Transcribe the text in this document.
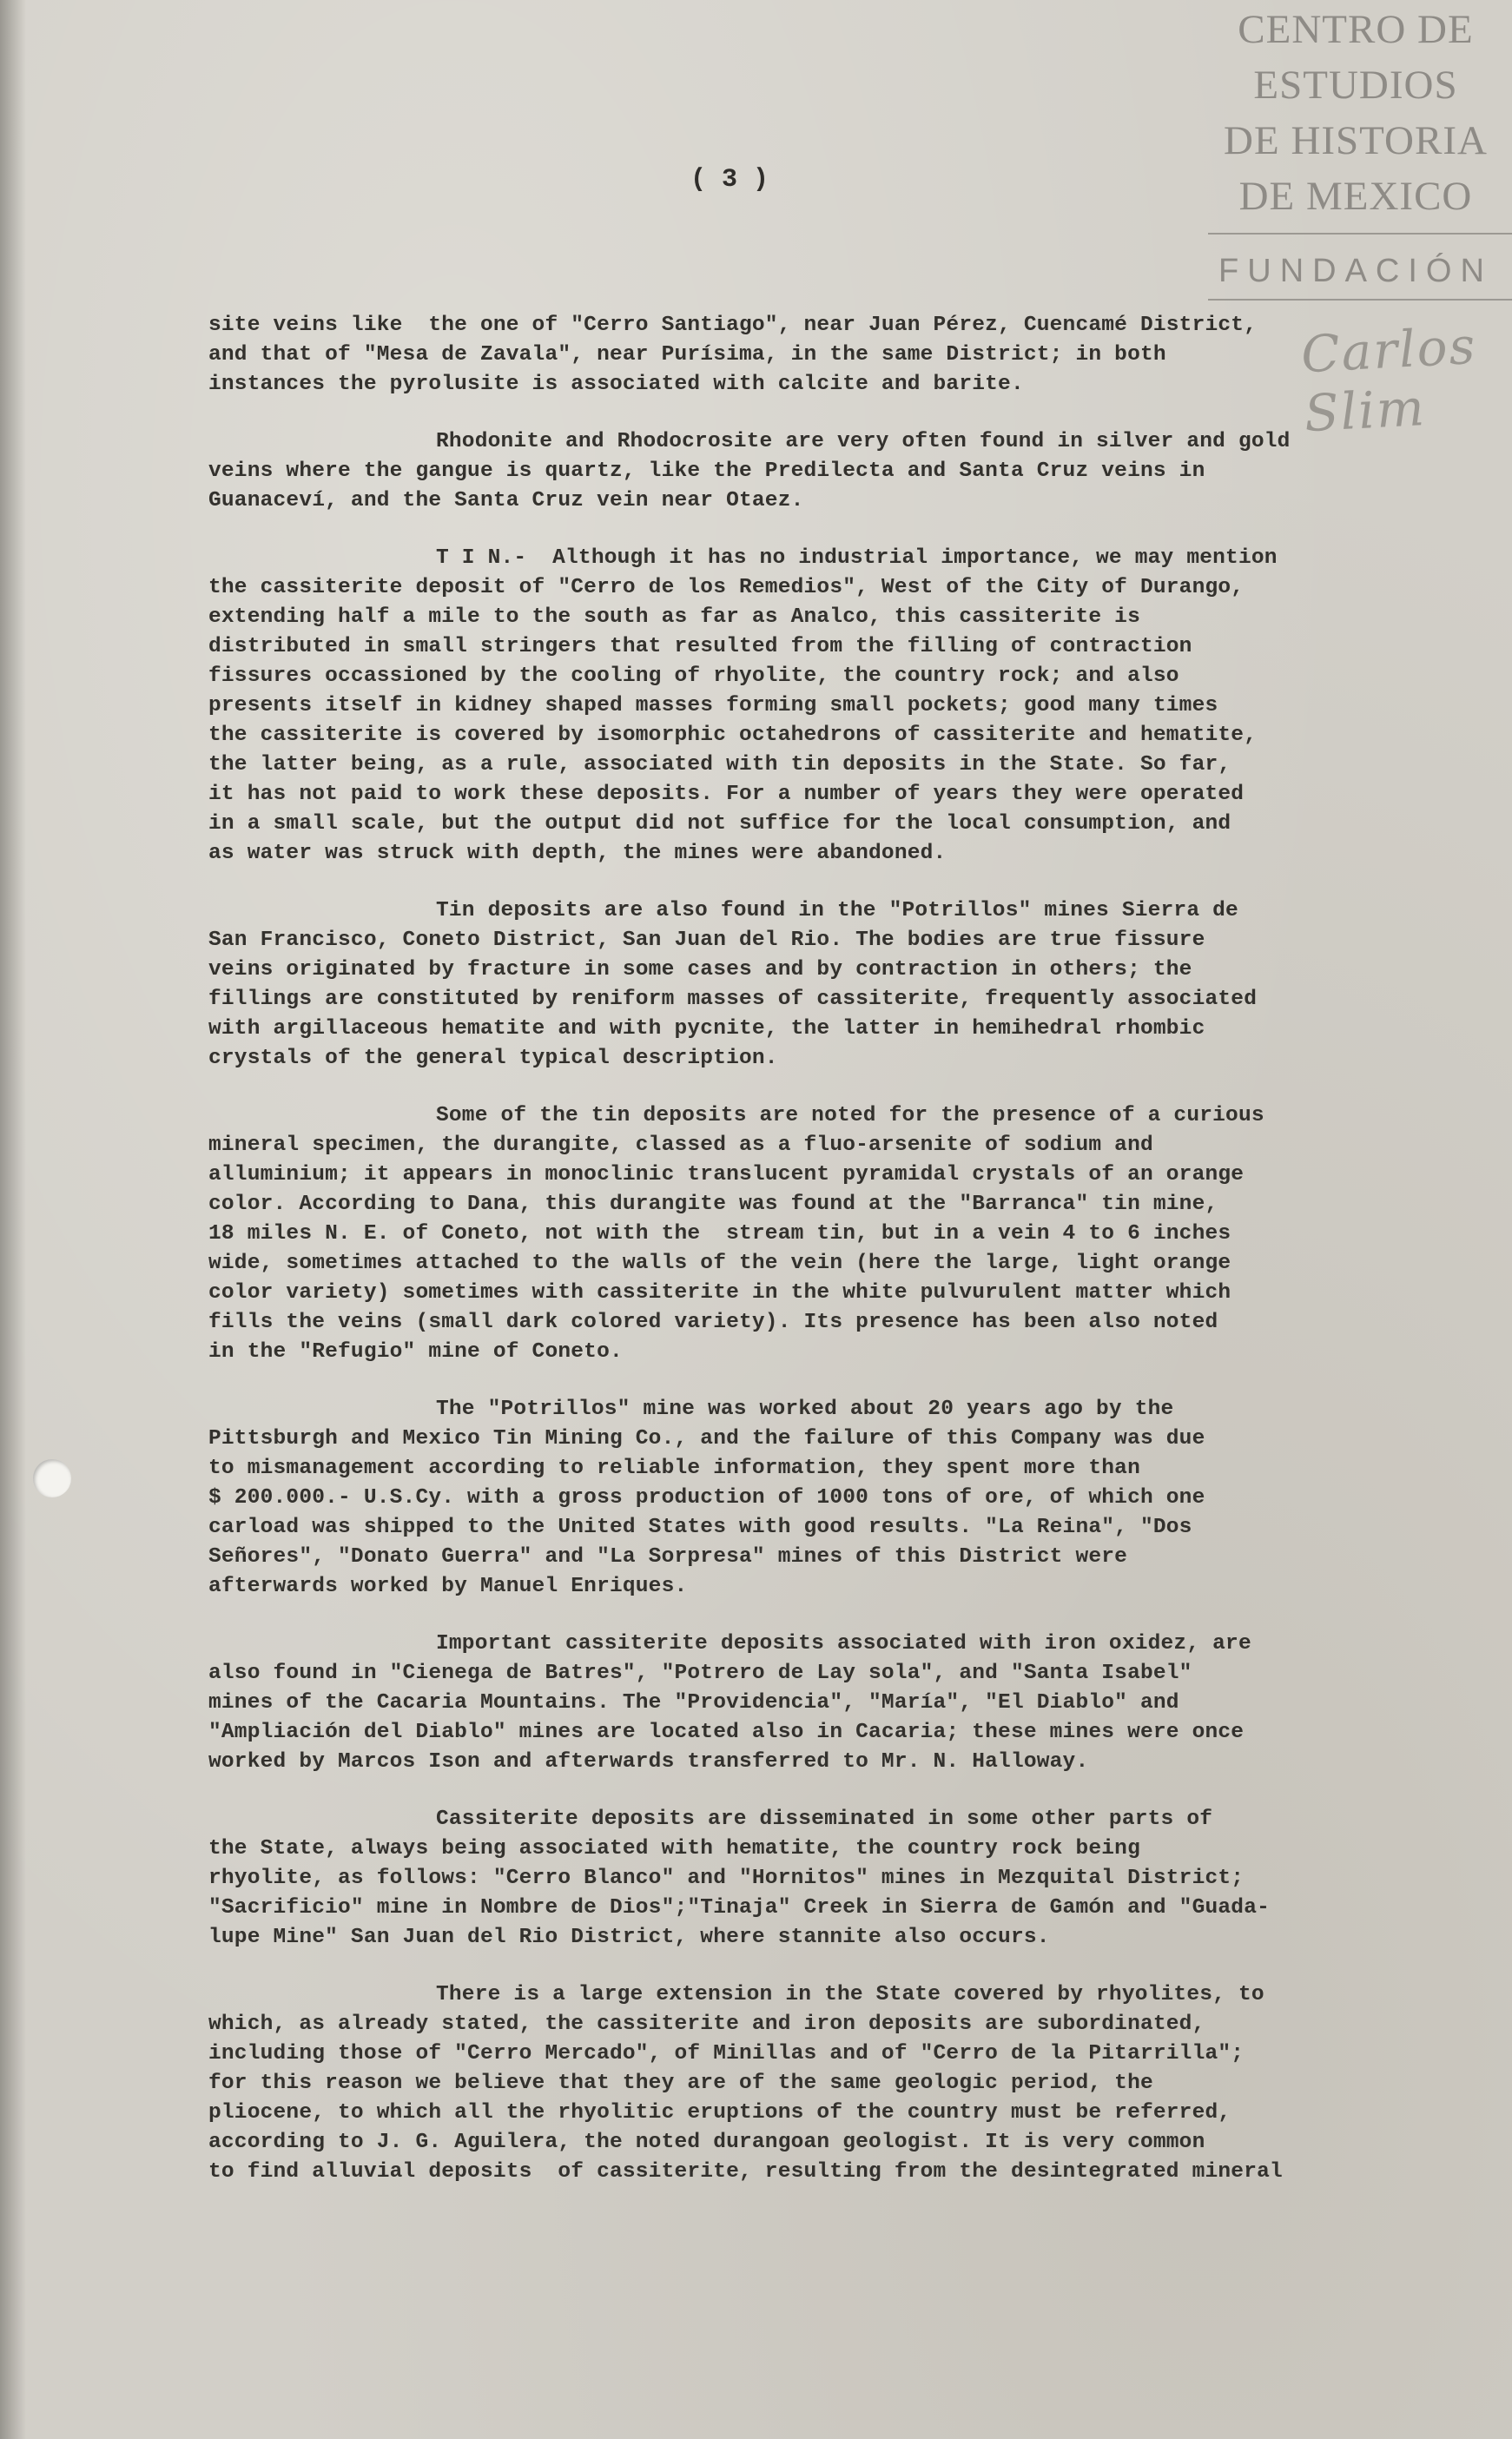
CENTRO DE
ESTUDIOS
DE HISTORIA
DE MEXICO
FUNDACIÓN
Carlos Slim
( 3 )
site veins like  the one of "Cerro Santiago", near Juan Pérez, Cuencamé District,
and that of "Mesa de Zavala", near Purísima, in the same District; in both
instances the pyrolusite is associated with calcite and barite.
Rhodonite and Rhodocrosite are very often found in silver and gold
veins where the gangue is quartz, like the Predilecta and Santa Cruz veins in
Guanaceví, and the Santa Cruz vein near Otaez.
T I N.-  Although it has no industrial importance, we may mention
the cassiterite deposit of "Cerro de los Remedios", West of the City of Durango,
extending half a mile to the south as far as Analco, this cassiterite is
distributed in small stringers that resulted from the filling of contraction
fissures occassioned by the cooling of rhyolite, the country rock; and also
presents itself in kidney shaped masses forming small pockets; good many times
the cassiterite is covered by isomorphic octahedrons of cassiterite and hematite,
the latter being, as a rule, associated with tin deposits in the State. So far,
it has not paid to work these deposits. For a number of years they were operated
in a small scale, but the output did not suffice for the local consumption, and
as water was struck with depth, the mines were abandoned.
Tin deposits are also found in the "Potrillos" mines Sierra de
San Francisco, Coneto District, San Juan del Rio. The bodies are true fissure
veins originated by fracture in some cases and by contraction in others; the
fillings are constituted by reniform masses of cassiterite, frequently associated
with argillaceous hematite and with pycnite, the latter in hemihedral rhombic
crystals of the general typical description.
Some of the tin deposits are noted for the presence of a curious
mineral specimen, the durangite, classed as a fluo-arsenite of sodium and
alluminium; it appears in monoclinic translucent pyramidal crystals of an orange
color. According to Dana, this durangite was found at the "Barranca" tin mine,
18 miles N. E. of Coneto, not with the  stream tin, but in a vein 4 to 6 inches
wide, sometimes attached to the walls of the vein (here the large, light orange
color variety) sometimes with cassiterite in the white pulvurulent matter which
fills the veins (small dark colored variety). Its presence has been also noted
in the "Refugio" mine of Coneto.
The "Potrillos" mine was worked about 20 years ago by the
Pittsburgh and Mexico Tin Mining Co., and the failure of this Company was due
to mismanagement according to reliable information, they spent more than
$ 200.000.- U.S.Cy. with a gross production of 1000 tons of ore, of which one
carload was shipped to the United States with good results. "La Reina", "Dos
Señores", "Donato Guerra" and "La Sorpresa" mines of this District were
afterwards worked by Manuel Enriques.
Important cassiterite deposits associated with iron oxidez, are
also found in "Cienega de Batres", "Potrero de Lay sola", and "Santa Isabel"
mines of the Cacaria Mountains. The "Providencia", "María", "El Diablo" and
"Ampliación del Diablo" mines are located also in Cacaria; these mines were once
worked by Marcos Ison and afterwards transferred to Mr. N. Halloway.
Cassiterite deposits are disseminated in some other parts of
the State, always being associated with hematite, the country rock being
rhyolite, as follows: "Cerro Blanco" and "Hornitos" mines in Mezquital District;
"Sacrificio" mine in Nombre de Dios";"Tinaja" Creek in Sierra de Gamón and "Guada-
lupe Mine" San Juan del Rio District, where stannite also occurs.
There is a large extension in the State covered by rhyolites, to
which, as already stated, the cassiterite and iron deposits are subordinated,
including those of "Cerro Mercado", of Minillas and of "Cerro de la Pitarrilla";
for this reason we believe that they are of the same geologic period, the
pliocene, to which all the rhyolitic eruptions of the country must be referred,
according to J. G. Aguilera, the noted durangoan geologist. It is very common
to find alluvial deposits  of cassiterite, resulting from the desintegrated mineral
